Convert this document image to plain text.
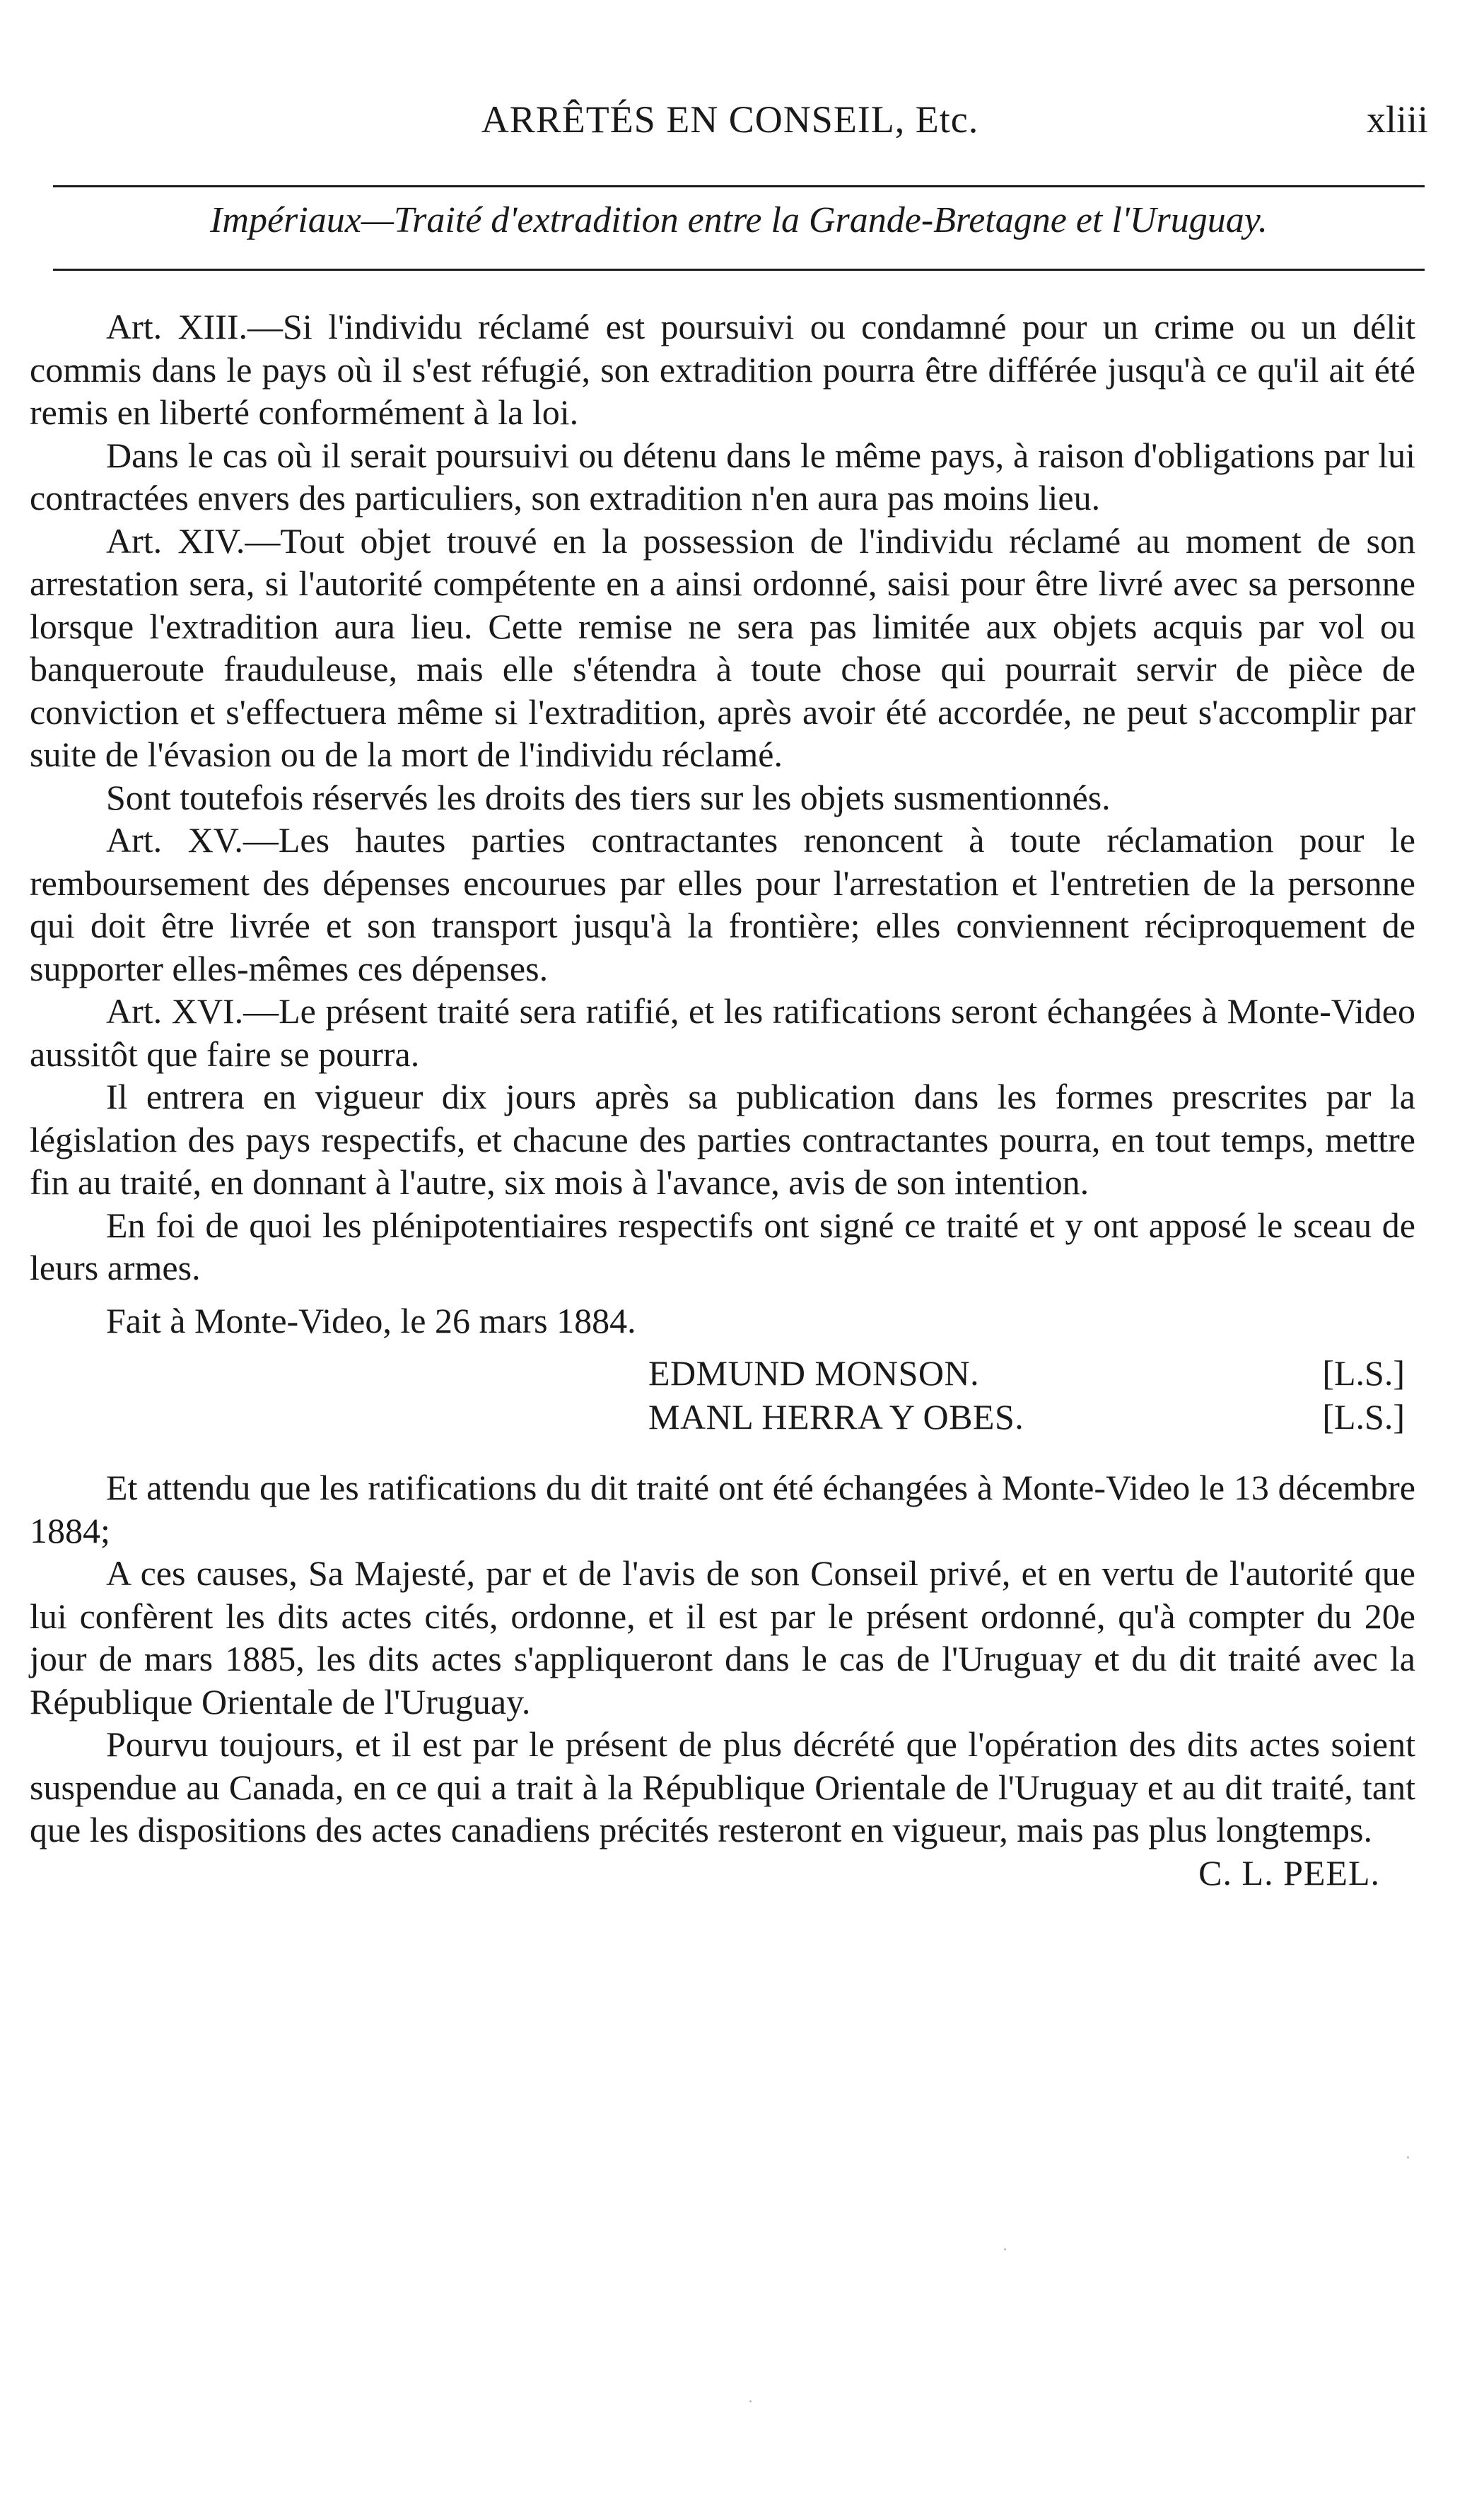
ARRÊTÉS EN CONSEIL, Etc.	xliii
Impériaux—Traité d'extradition entre la Grande-Bretagne et l'Uruguay.

Art. XIII.—Si l'individu réclamé est poursuivi ou condamné pour un crime ou un délit commis dans le pays où il s'est réfugié, son extradition pourra être différée jusqu'à ce qu'il ait été remis en liberté conformément à la loi.

Dans le cas où il serait poursuivi ou détenu dans le même pays, à raison d'obligations par lui contractées envers des particuliers, son extradition n'en aura pas moins lieu.

Art. XIV.—Tout objet trouvé en la possession de l'individu réclamé au moment de son arrestation sera, si l'autorité compétente en a ainsi ordonné, saisi pour être livré avec sa personne lorsque l'extradition aura lieu. Cette remise ne sera pas limitée aux objets acquis par vol ou banqueroute frauduleuse, mais elle s'étendra à toute chose qui pourrait servir de pièce de conviction et s'effectuera même si l'extradition, après avoir été accordée, ne peut s'accomplir par suite de l'évasion ou de la mort de l'individu réclamé.

Sont toutefois réservés les droits des tiers sur les objets susmentionnés.

Art. XV.—Les hautes parties contractantes renoncent à toute réclamation pour le remboursement des dépenses encourues par elles pour l'arrestation et l'entretien de la personne qui doit être livrée et son transport jusqu'à la frontière; elles conviennent réciproquement de supporter elles-mêmes ces dépenses.

Art. XVI.—Le présent traité sera ratifié, et les ratifications seront échangées à Monte-Video aussitôt que faire se pourra.

Il entrera en vigueur dix jours après sa publication dans les formes prescrites par la législation des pays respectifs, et chacune des parties contractantes pourra, en tout temps, mettre fin au traité, en donnant à l'autre, six mois à l'avance, avis de son intention.

En foi de quoi les plénipotentiaires respectifs ont signé ce traité et y ont apposé le sceau de leurs armes.

Fait à Monte-Video, le 26 mars 1884.

EDMUND MONSON.	[L.S.]
MANL HERRA Y OBES.	[L.S.]

Et attendu que les ratifications du dit traité ont été échangées à Monte-Video le 13 décembre 1884;

A ces causes, Sa Majesté, par et de l'avis de son Conseil privé, et en vertu de l'autorité que lui confèrent les dits actes cités, ordonne, et il est par le présent ordonné, qu'à compter du 20e jour de mars 1885, les dits actes s'appliqueront dans le cas de l'Uruguay et du dit traité avec la République Orientale de l'Uruguay.

Pourvu toujours, et il est par le présent de plus décrété que l'opération des dits actes soient suspendue au Canada, en ce qui a trait à la République Orientale de l'Uruguay et au dit traité, tant que les dispositions des actes canadiens précités resteront en vigueur, mais pas plus longtemps.

C. L. PEEL.
